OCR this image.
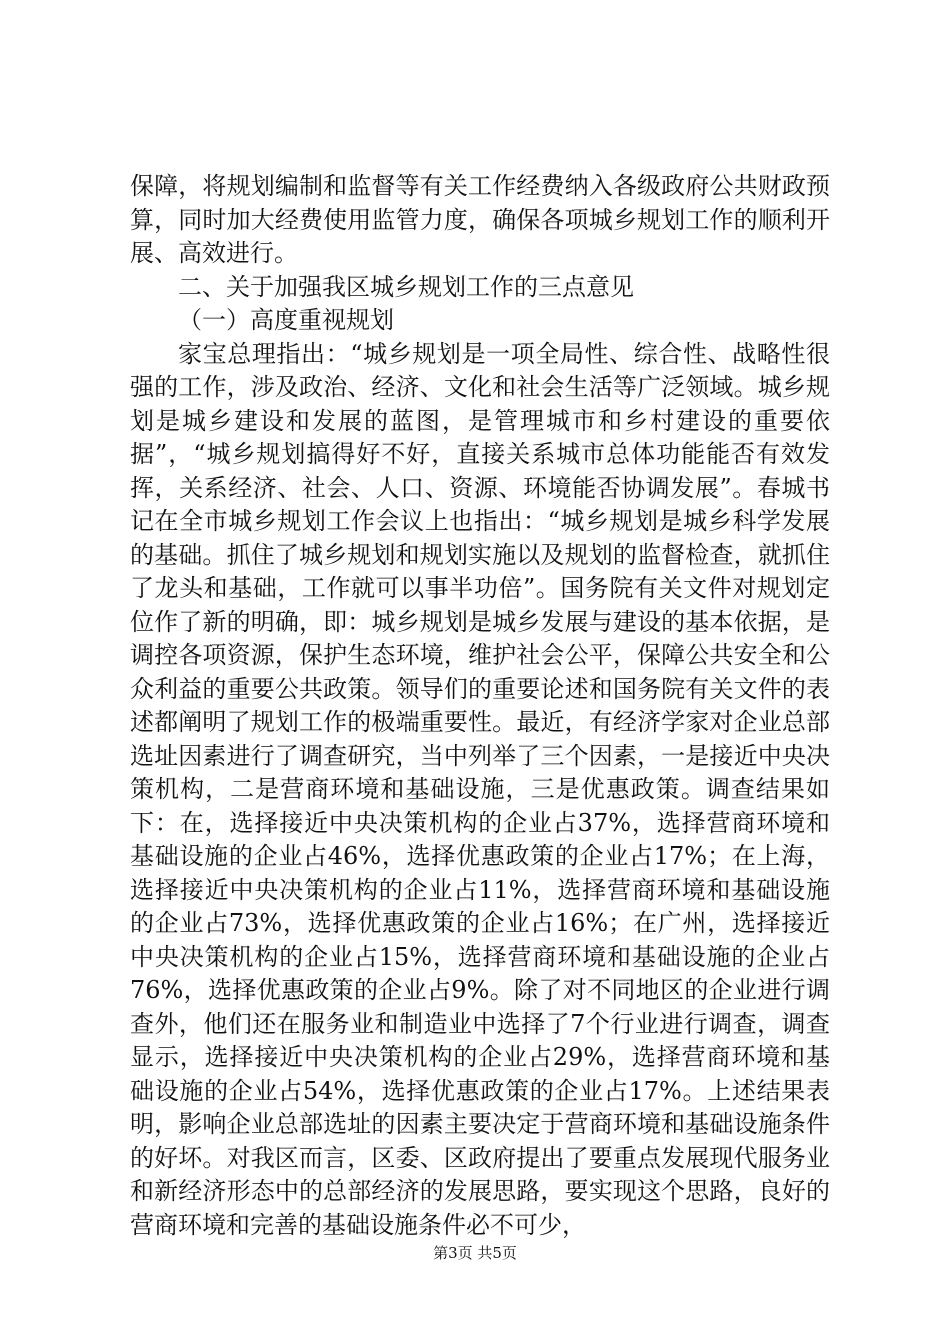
保障，将规划编制和监督等有关工作经费纳入各级政府公共财政预算，同时加大经费使用监管力度，确保各项城乡规划工作的顺利开展、高效进行。

二、关于加强我区城乡规划工作的三点意见

（一）高度重视规划

家宝总理指出：“城乡规划是一项全局性、综合性、战略性很强的工作，涉及政治、经济、文化和社会生活等广泛领域。城乡规划是城乡建设和发展的蓝图，是管理城市和乡村建设的重要依据”，“城乡规划搞得好不好，直接关系城市总体功能能否有效发挥，关系经济、社会、人口、资源、环境能否协调发展”。春城书记在全市城乡规划工作会议上也指出：“城乡规划是城乡科学发展的基础。抓住了城乡规划和规划实施以及规划的监督检查，就抓住了龙头和基础，工作就可以事半功倍”。国务院有关文件对规划定位作了新的明确，即：城乡规划是城乡发展与建设的基本依据，是调控各项资源，保护生态环境，维护社会公平，保障公共安全和公众利益的重要公共政策。领导们的重要论述和国务院有关文件的表述都阐明了规划工作的极端重要性。最近，有经济学家对企业总部选址因素进行了调查研究，当中列举了三个因素，一是接近中央决策机构，二是营商环境和基础设施，三是优惠政策。调查结果如下：在，选择接近中央决策机构的企业占37%，选择营商环境和基础设施的企业占46%，选择优惠政策的企业占17%；在上海，选择接近中央决策机构的企业占11%，选择营商环境和基础设施的企业占73%，选择优惠政策的企业占16%；在广州，选择接近中央决策机构的企业占15%，选择营商环境和基础设施的企业占76%，选择优惠政策的企业占9%。除了对不同地区的企业进行调查外，他们还在服务业和制造业中选择了7个行业进行调查，调查显示，选择接近中央决策机构的企业占29%，选择营商环境和基础设施的企业占54%，选择优惠政策的企业占17%。上述结果表明，影响企业总部选址的因素主要决定于营商环境和基础设施条件的好坏。对我区而言，区委、区政府提出了要重点发展现代服务业和新经济形态中的总部经济的发展思路，要实现这个思路，良好的营商环境和完善的基础设施条件必不可少，

第3页 共5页
